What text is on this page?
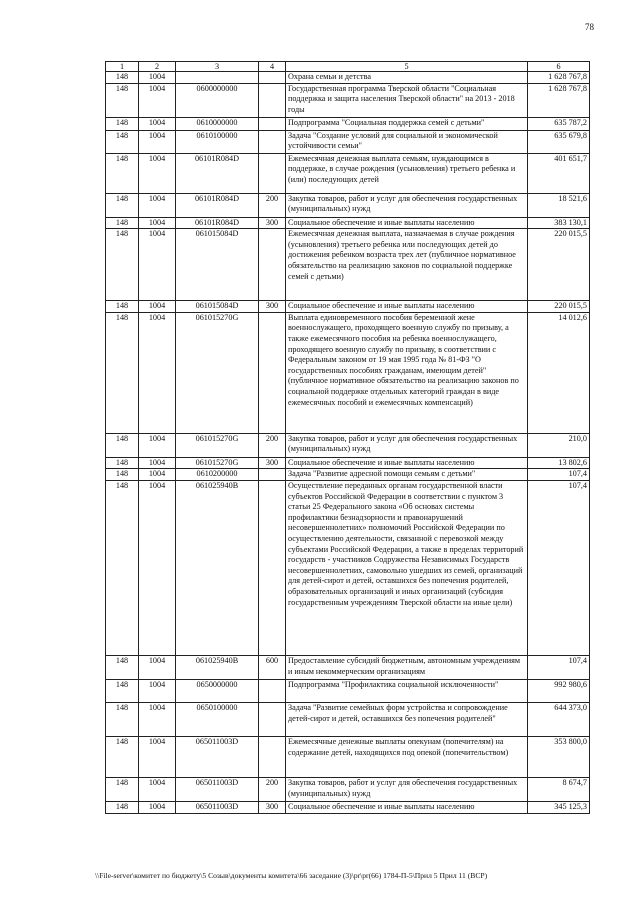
78
1	2	3	4	5	6
148	1004			Охрана семьи и детства	1 628 767,8
148	1004	0600000000		Государственная программа Тверской области "Социальная поддержка и защита населения Тверской области" на 2013 - 2018 годы	1 628 767,8
148	1004	0610000000		Подпрограмма "Социальная поддержка семей с детьми"	635 787,2
148	1004	0610100000		Задача "Создание условий для социальной и экономической устойчивости семьи"	635 679,8
148	1004	06101R084D		Ежемесячная денежная выплата семьям, нуждающимся в поддержке, в случае рождения (усыновления) третьего ребенка и (или) последующих детей	401 651,7
148	1004	06101R084D	200	Закупка товаров, работ и услуг для обеспечения государственных (муниципальных) нужд	18 521,6
148	1004	06101R084D	300	Социальное обеспечение и иные выплаты населению	383 130,1
148	1004	061015084D		Ежемесячная денежная выплата, назначаемая в случае рождения (усыновления) третьего ребенка или последующих детей до достижения ребенком возраста трех лет (публичное нормативное обязательство на реализацию законов по социальной поддержке семей с детьми)	220 015,5
148	1004	061015084D	300	Социальное обеспечение и иные выплаты населению	220 015,5
148	1004	061015270G		Выплата единовременного пособия беременной жене военнослужащего, проходящего военную службу по призыву, а также ежемесячного пособия на ребенка военнослужащего, проходящего военную службу по призыву, в соответствии с Федеральным законом от 19 мая 1995 года № 81-ФЗ "О государственных пособиях гражданам, имеющим детей" (публичное нормативное обязательство на реализацию законов по социальной поддержке отдельных категорий граждан в виде ежемесячных пособий и ежемесячных компенсаций)	14 012,6
148	1004	061015270G	200	Закупка товаров, работ и услуг для обеспечения государственных (муниципальных) нужд	210,0
148	1004	061015270G	300	Социальное обеспечение и иные выплаты населению	13 802,6
148	1004	0610200000		Задача "Развитие адресной помощи семьям с детьми"	107,4
148	1004	061025940В		Осуществление переданных органам государственной власти субъектов Российской Федерации в соответствии с пунктом 3 статьи 25 Федерального закона «Об основах системы профилактики безнадзорности и правонарушений несовершеннолетних» полномочий Российской Федерации по осуществлению деятельности, связанной с перевозкой между субъектами Российской Федерации, а также в пределах территорий государств - участников Содружества Независимых Государств несовершеннолетних, самовольно ушедших из семей, организаций для детей-сирот и детей, оставшихся без попечения родителей, образовательных организаций и иных организаций (субсидия государственным учреждениям Тверской области на иные цели)	107,4
148	1004	061025940В	600	Предоставление субсидий бюджетным, автономным учреждениям и иным некоммерческим организациям	107,4
148	1004	0650000000		Подпрограмма "Профилактика социальной исключенности"	992 980,6
148	1004	0650100000		Задача "Развитие семейных форм устройства и сопровождение детей-сирот и детей, оставшихся без попечения родителей"	644 373,0
148	1004	065011003D		Ежемесячные денежные выплаты опекунам (попечителям) на содержание детей, находящихся под опекой (попечительством)	353 800,0
148	1004	065011003D	200	Закупка товаров, работ и услуг для обеспечения государственных (муниципальных) нужд	8 674,7
148	1004	065011003D	300	Социальное обеспечение и иные выплаты населению	345 125,3
\\File-server\комитет по бюджету\5 Созыв\документы комитета\66 заседание (3)\pr\pr(66) 1784-П-5\Прил 5 Прил 11 (ВСР)
